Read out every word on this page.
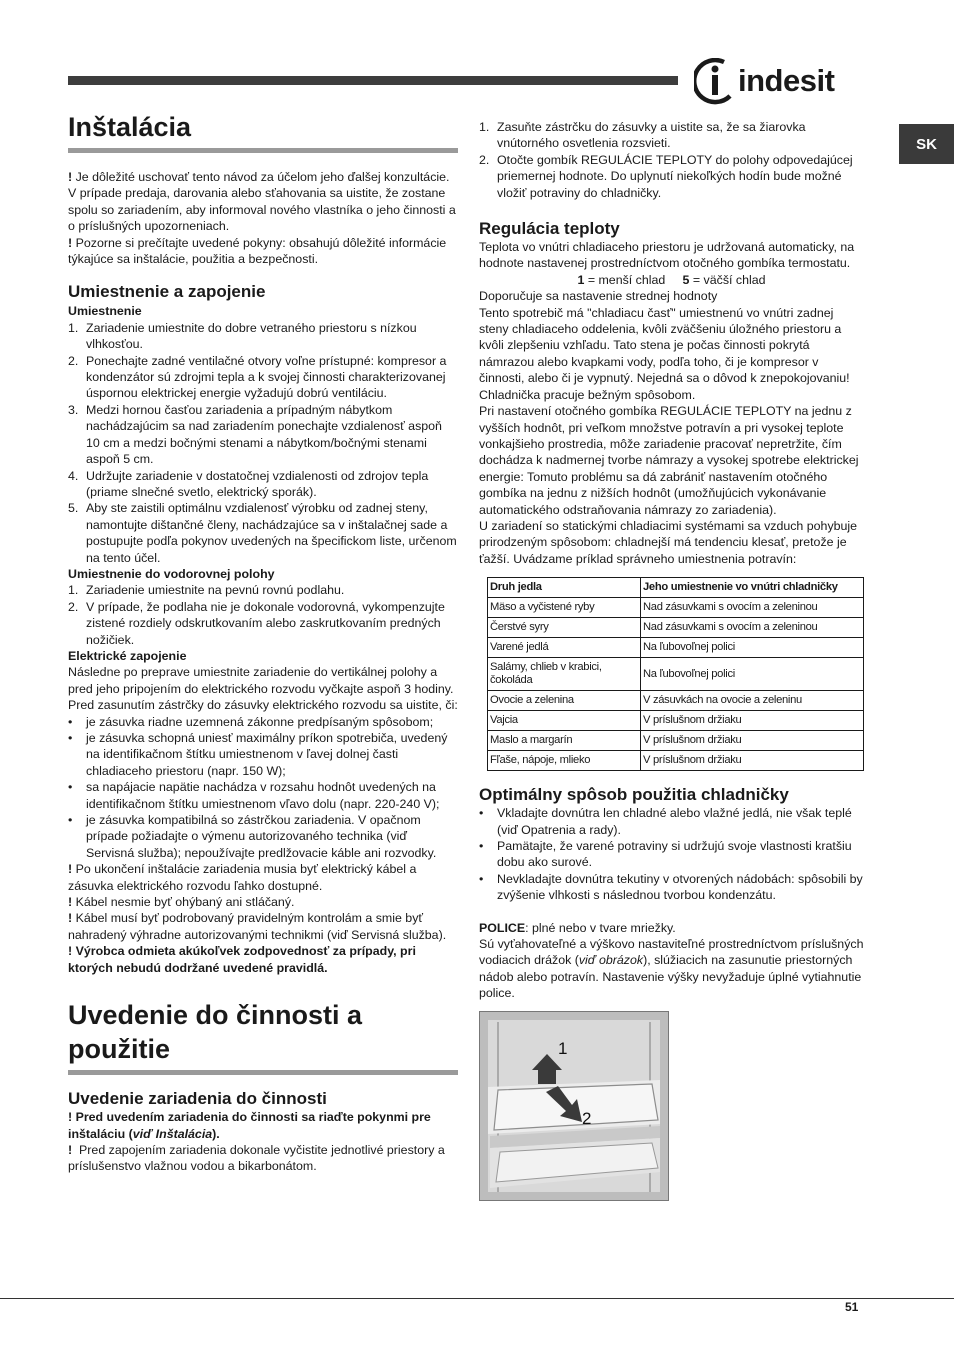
indesit
SK
Inštalácia

! Je dôležité uschovať tento návod za účelom jeho ďalšej konzultácie. V prípade predaja, darovania alebo sťahovania sa uistite, že zostane spolu so zariadením, aby informoval nového vlastníka o jeho činnosti a o príslušných upozorneniach.

! Pozorne si prečítajte uvedené pokyny: obsahujú dôležité informácie týkajúce sa inštalácie, použitia a bezpečnosti.

Umiestnenie a zapojenie
Umiestnenie
1. Zariadenie umiestnite do dobre vetraného priestoru s nízkou vlhkosťou.
2. Ponechajte zadné ventilačné otvory voľne prístupné: kompresor a kondenzátor sú zdrojmi tepla a k svojej činnosti charakterizovanej úspornou elektrickej energie vyžadujú dobrú ventiláciu.
3. Medzi hornou časťou zariadenia a prípadným nábytkom nachádzajúcim sa nad zariadením ponechajte vzdialenosť aspoň 10 cm a medzi bočnými stenami a nábytkom/bočnými stenami aspoň 5 cm.
4. Udržujte zariadenie v dostatočnej vzdialenosti od zdrojov tepla (priame slnečné svetlo, elektrický sporák).
5. Aby ste zaistili optimálnu vzdialenosť výrobku od zadnej steny, namontujte dištančné členy, nachádzajúce sa v inštalačnej sade a postupujte podľa pokynov uvedených na špecifickom liste, určenom na tento účel.
Umiestnenie do vodorovnej polohy
1. Zariadenie umiestnite na pevnú rovnú podlahu.
2. V prípade, že podlaha nie je dokonale vodorovná, vykompenzujte zistené rozdiely odskrutkovaním alebo zaskrutkovaním predných nožičiek.
Elektrické zapojenie

Následne po preprave umiestnite zariadenie do vertikálnej polohy a pred jeho pripojením do elektrického rozvodu vyčkajte aspoň 3 hodiny. Pred zasunutím zástrčky do zásuvky elektrického rozvodu sa uistite, či:

• je zásuvka riadne uzemnená zákonne predpísaným spôsobom;
• je zásuvka schopná uniesť maximálny príkon spotrebiča, uvedený na identifikačnom štítku umiestnenom v ľavej dolnej časti chladiaceho priestoru (napr. 150 W);
• sa napájacie napätie nachádza v rozsahu hodnôt uvedených na identifikačnom štítku umiestnenom vľavo dolu (napr. 220-240 V);
• je zásuvka kompatibilná so zástrčkou zariadenia. V opačnom prípade požiadajte o výmenu autorizovaného technika (viď Servisná služba); nepoužívajte predlžovacie káble ani rozvodky.

! Po ukončení inštalácie zariadenia musia byť elektrický kábel a zásuvka elektrického rozvodu ľahko dostupné.

! Kábel nesmie byť ohýbaný ani stláčaný.

! Kábel musí byť podrobovaný pravidelným kontrolám a smie byť nahradený výhradne autorizovanými technikmi (viď Servisná služba).

! Výrobca odmieta akúkoľvek zodpovednosť za prípady, pri ktorých nebudú dodržané uvedené pravidlá.

Uvedenie do činnosti a použitie
Uvedenie zariadenia do činnosti

! Pred uvedením zariadenia do činnosti sa riaďte pokynmi pre inštaláciu (viď Inštalácia).

! Pred zapojením zariadenia dokonale vyčistite jednotlivé priestory a príslušenstvo vlažnou vodou a bikarbonátom.

1. Zasuňte zástrčku do zásuvky a uistite sa, že sa žiarovka vnútorného osvetlenia rozsvieti.
2. Otočte gombík REGULÁCIE TEPLOTY do polohy odpovedajúcej priemernej hodnote. Do uplynutí niekoľkých hodín bude možné vložiť potraviny do chladničky.
Regulácia teploty

Teplota vo vnútri chladiaceho priestoru je udržovaná automaticky, na hodnote nastavenej prostredníctvom otočného gombíka termostatu.

1 = menší chlad 5 = väčší chlad

Doporučuje sa nastavenie strednej hodnoty

Tento spotrebič má "chladiacu časť" umiestnenú vo vnútri zadnej steny chladiaceho oddelenia, kvôli zväčšeniu úložného priestoru a kvôli zlepšeniu vzhľadu. Tato stena je počas činnosti pokrytá námrazou alebo kvapkami vody, podľa toho, či je kompresor v činnosti, alebo či je vypnutý. Nejedná sa o dôvod k znepokojovaniu! Chladnička pracuje bežným spôsobom.

Pri nastavení otočného gombíka REGULÁCIE TEPLOTY na jednu z vyšších hodnôt, pri veľkom množstve potravín a pri vysokej teplote vonkajšieho prostredia, môže zariadenie pracovať nepretržite, čím dochádza k nadmernej tvorbe námrazy a vysokej spotrebe elektrickej energie: Tomuto problému sa dá zabrániť nastavením otočného gombíka na jednu z nižších hodnôt (umožňujúcich vykonávanie automatického odstraňovania námrazy zo zariadenia).

U zariadení so statickými chladiacimi systémami sa vzduch pohybuje prirodzeným spôsobom: chladnejší má tendenciu klesať, pretože je ťažší. Uvádzame príklad správneho umiestnenia potravín:

Druh jedla	Jeho umiestnenie vo vnútri chladničky
Mäso a vyčistené ryby	Nad zásuvkami s ovocím a zeleninou
Čerstvé syry	Nad zásuvkami s ovocím a zeleninou
Varené jedlá	Na ľubovoľnej polici
Salámy, chlieb v krabici, čokoláda	Na ľubovoľnej polici
Ovocie a zelenina	V zásuvkách na ovocie a zeleninu
Vajcia	V príslušnom držiaku
Maslo a margarín	V príslušnom držiaku
Fľaše, nápoje, mlieko	V príslušnom držiaku
Optimálny spôsob použitia chladničky
• Vkladajte dovnútra len chladné alebo vlažné jedlá, nie však teplé (viď Opatrenia a rady).
• Pamätajte, že varené potraviny si udržujú svoje vlastnosti kratšiu dobu ako surové.
• Nevkladajte dovnútra tekutiny v otvorených nádobách: spôsobili by zvýšenie vlhkosti s následnou tvorbou kondenzátu.

POLICE: plné nebo v tvare mriežky.

Sú vyťahovateľné a výškovo nastaviteľné prostredníctvom príslušných vodiacich drážok (viď obrázok), slúžiacich na zasunutie priestorných nádob alebo potravín. Nastavenie výšky nevyžaduje úplné vytiahnutie police.

1
2
51
